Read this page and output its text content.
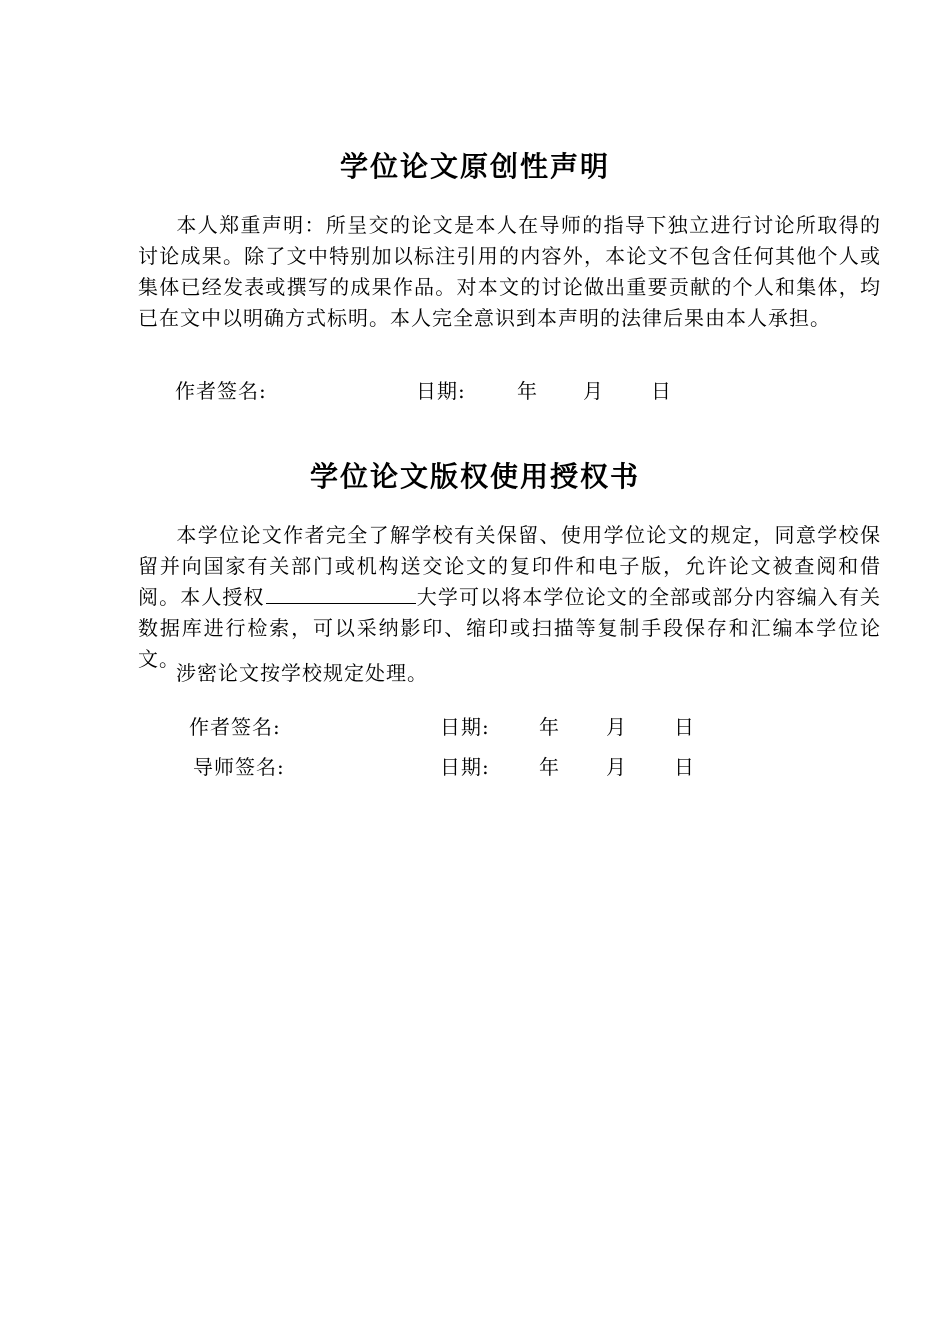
学位论文原创性声明
本人郑重声明：所呈交的论文是本人在导师的指导下独立进行讨论所取得的讨论成果。除了文中特别加以标注引用的内容外，本论文不包含任何其他个人或集体已经发表或撰写的成果作品。对本文的讨论做出重要贡献的个人和集体，均已在文中以明确方式标明。本人完全意识到本声明的法律后果由本人承担。
作者签名:	日期:	年 月 日
学位论文版权使用授权书
本学位论文作者完全了解学校有关保留、使用学位论文的规定，同意学校保留并向国家有关部门或机构送交论文的复印件和电子版，允许论文被查阅和借阅。本人授权	大学可以将本学位论文的全部或部分内容编入有关数据库进行检索，可以采纳影印、缩印或扫描等复制手段保存和汇编本学位论文。
涉密论文按学校规定处理。
作者签名:	日期: 年 月 日
导师签名:	日期: 年 月 日
